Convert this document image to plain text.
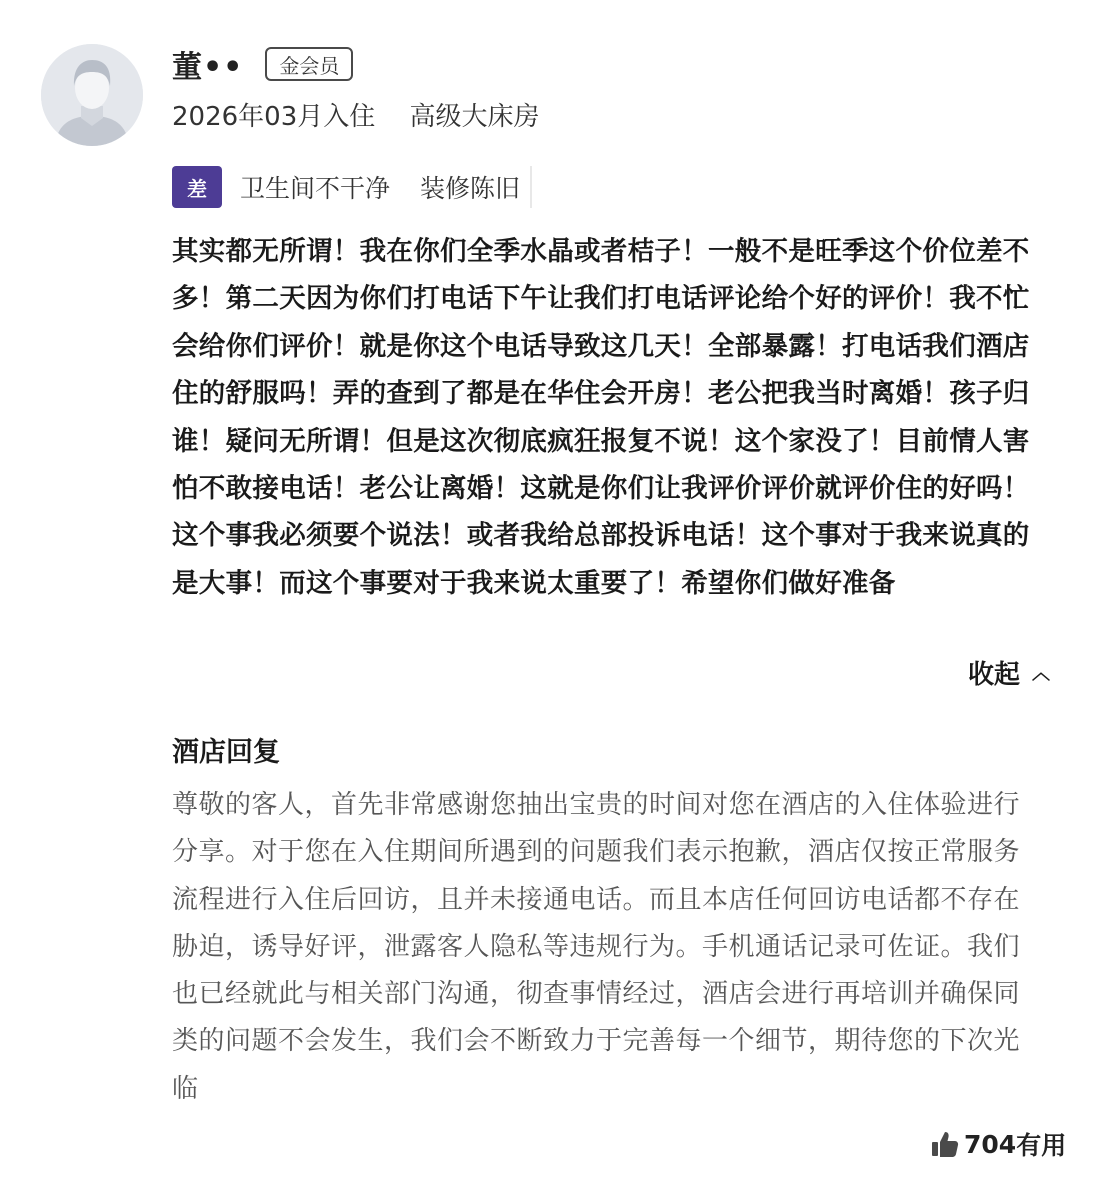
董••	金会员
2026年03月入住 高级大床房
差	卫生间不干净 装修陈旧
其实都无所谓！我在你们全季水晶或者桔子！一般不是旺季这个价位差不多！第二天因为你们打电话下午让我们打电话评论给个好的评价！我不忙会给你们评价！就是你这个电话导致这几天！全部暴露！打电话我们酒店住的舒服吗！弄的查到了都是在华住会开房！老公把我当时离婚！孩子归谁！疑问无所谓！但是这次彻底疯狂报复不说！这个家没了！目前情人害怕不敢接电话！老公让离婚！这就是你们让我评价评价就评价住的好吗！这个事我必须要个说法！或者我给总部投诉电话！这个事对于我来说真的是大事！而这个事要对于我来说太重要了！希望你们做好准备
收起 ︿
酒店回复
尊敬的客人，首先非常感谢您抽出宝贵的时间对您在酒店的入住体验进行分享。对于您在入住期间所遇到的问题我们表示抱歉，酒店仅按正常服务流程进行入住后回访，且并未接通电话。而且本店任何回访电话都不存在胁迫，诱导好评，泄露客人隐私等违规行为。手机通话记录可佐证。我们也已经就此与相关部门沟通，彻查事情经过，酒店会进行再培训并确保同类的问题不会发生，我们会不断致力于完善每一个细节，期待您的下次光临
704 有用
